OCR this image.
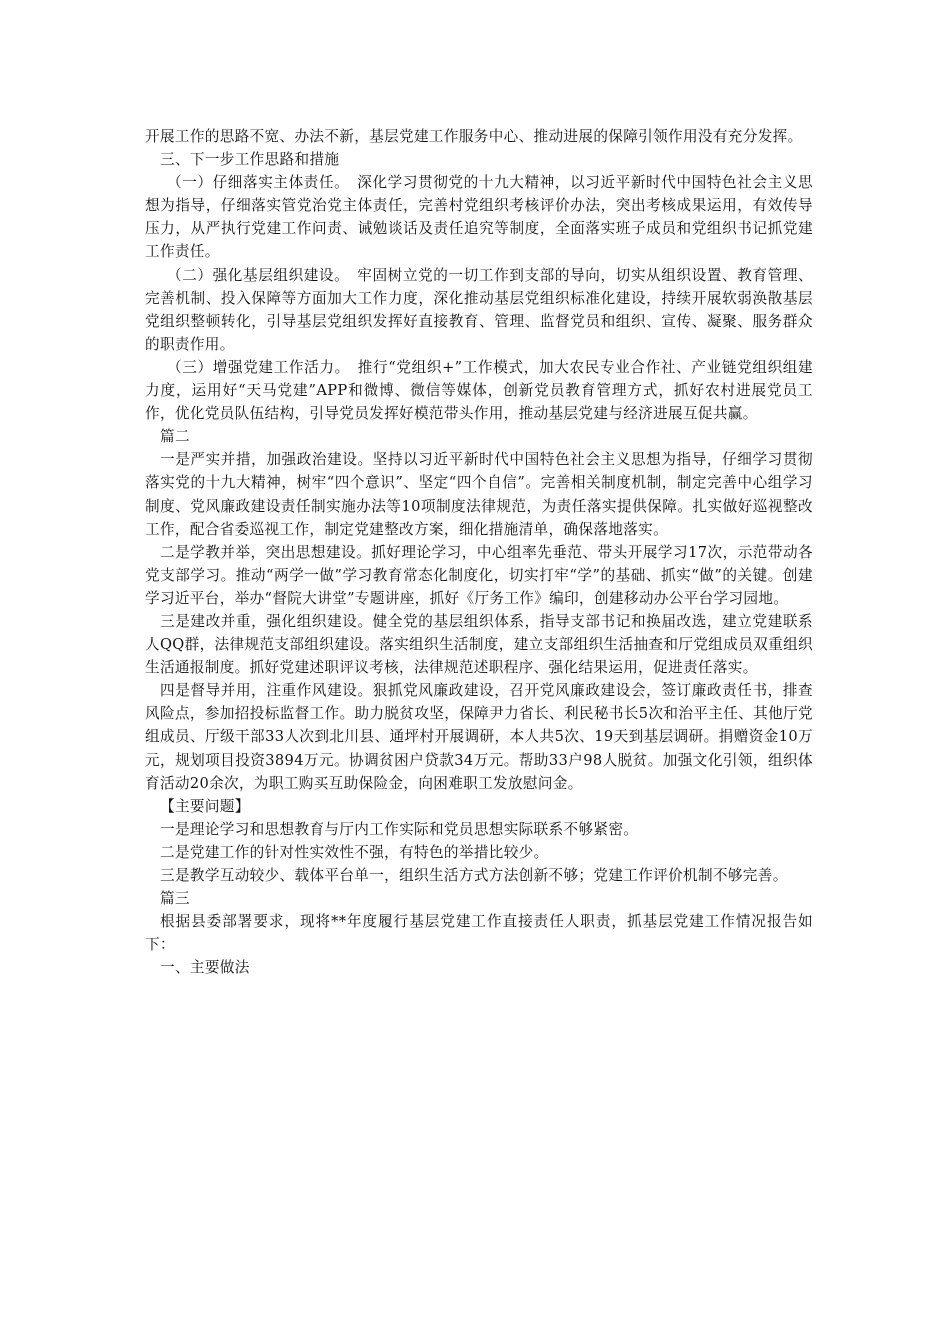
开展工作的思路不宽、办法不新，基层党建工作服务中心、推动进展的保障引领作用没有充分发挥。

三、下一步工作思路和措施

（一）仔细落实主体责任。　深化学习贯彻党的十九大精神，以习近平新时代中国特色社会主义思想为指导，仔细落实管党治党主体责任，完善村党组织考核评价办法，突出考核成果运用，有效传导压力，从严执行党建工作问责、诫勉谈话及责任追究等制度，全面落实班子成员和党组织书记抓党建工作责任。

（二）强化基层组织建设。　牢固树立党的一切工作到支部的导向，切实从组织设置、教育管理、完善机制、投入保障等方面加大工作力度，深化推动基层党组织标准化建设，持续开展软弱涣散基层党组织整顿转化，引导基层党组织发挥好直接教育、管理、监督党员和组织、宣传、凝聚、服务群众的职责作用。

（三）增强党建工作活力。　推行“党组织+”工作模式，加大农民专业合作社、产业链党组织组建力度，运用好“天马党建”APP和微博、微信等媒体，创新党员教育管理方式，抓好农村进展党员工作，优化党员队伍结构，引导党员发挥好模范带头作用，推动基层党建与经济进展互促共赢。

篇二

一是严实并措，加强政治建设。坚持以习近平新时代中国特色社会主义思想为指导，仔细学习贯彻落实党的十九大精神，树牢“四个意识”、坚定“四个自信”。完善相关制度机制，制定完善中心组学习制度、党风廉政建设责任制实施办法等10项制度法律规范，为责任落实提供保障。扎实做好巡视整改工作，配合省委巡视工作，制定党建整改方案，细化措施清单，确保落地落实。

二是学教并举，突出思想建设。抓好理论学习，中心组率先垂范、带头开展学习17次，示范带动各党支部学习。推动“两学一做”学习教育常态化制度化，切实打牢“学”的基础、抓实“做”的关键。创建学习近平台，举办“督院大讲堂”专题讲座，抓好《厅务工作》编印，创建移动办公平台学习园地。

三是建改并重，强化组织建设。健全党的基层组织体系，指导支部书记和换届改选，建立党建联系人QQ群，法律规范支部组织建设。落实组织生活制度，建立支部组织生活抽查和厅党组成员双重组织生活通报制度。抓好党建述职评议考核，法律规范述职程序、强化结果运用，促进责任落实。

四是督导并用，注重作风建设。狠抓党风廉政建设，召开党风廉政建设会，签订廉政责任书，排查风险点，参加招投标监督工作。助力脱贫攻坚，保障尹力省长、利民秘书长5次和治平主任、其他厅党组成员、厅级干部33人次到北川县、通坪村开展调研，本人共5次、19天到基层调研。捐赠资金10万元，规划项目投资3894万元。协调贫困户贷款34万元。帮助33户98人脱贫。加强文化引领，组织体育活动20余次，为职工购买互助保险金，向困难职工发放慰问金。

【主要问题】

一是理论学习和思想教育与厅内工作实际和党员思想实际联系不够紧密。

二是党建工作的针对性实效性不强，有特色的举措比较少。

三是教学互动较少、载体平台单一，组织生活方式方法创新不够；党建工作评价机制不够完善。

篇三

根据县委部署要求，现将**年度履行基层党建工作直接责任人职责，抓基层党建工作情况报告如下：

一、主要做法
